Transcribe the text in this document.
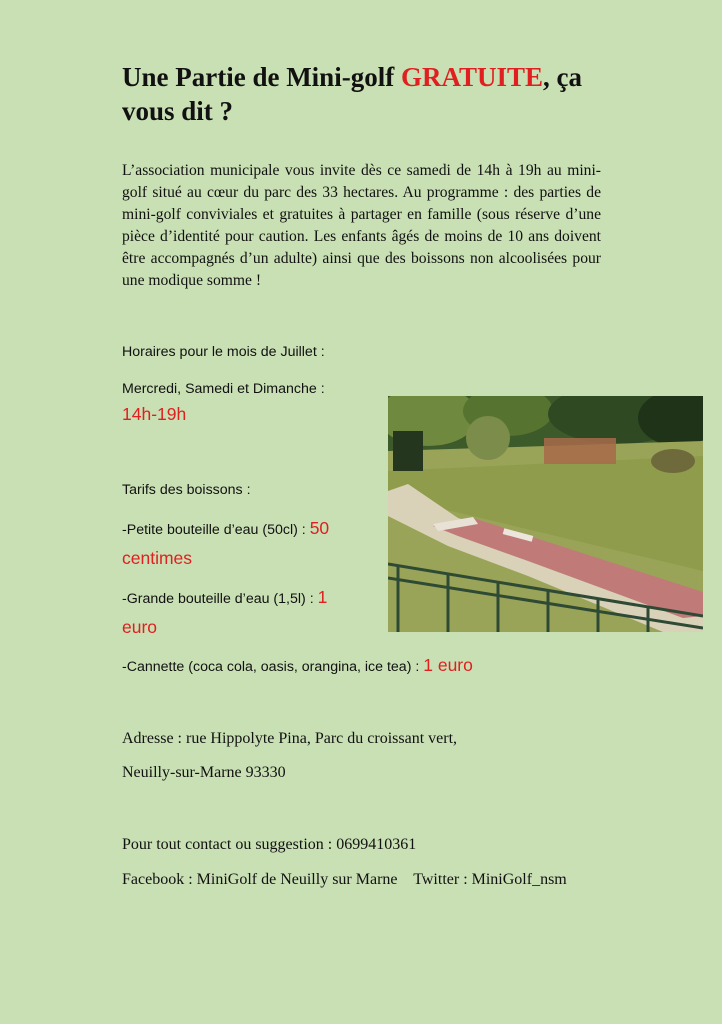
Une Partie de Mini-golf GRATUITE, ça vous dit ?

L’association municipale vous invite dès ce samedi de 14h à 19h au mini-golf situé au cœur du parc des 33 hectares. Au programme : des parties de mini-golf conviviales et gratuites à partager en famille (sous réserve d’une pièce d’identité pour caution. Les enfants âgés de moins de 10 ans doivent être accompagnés d’un adulte) ainsi que des boissons non alcoolisées pour une modique somme !

Horaires pour le mois de Juillet :

Mercredi, Samedi et Dimanche :

14h-19h

Tarifs des boissons :

-Petite bouteille d’eau (50cl) : 50 centimes

-Grande bouteille d’eau (1,5l) : 1 euro

-Cannette (coca cola, oasis, orangina, ice tea) : 1 euro

Adresse : rue Hippolyte Pina, Parc du croissant vert,

Neuilly-sur-Marne 93330

Pour tout contact ou suggestion : 0699410361

Facebook : MiniGolf de Neuilly sur Marne    Twitter : MiniGolf_nsm
